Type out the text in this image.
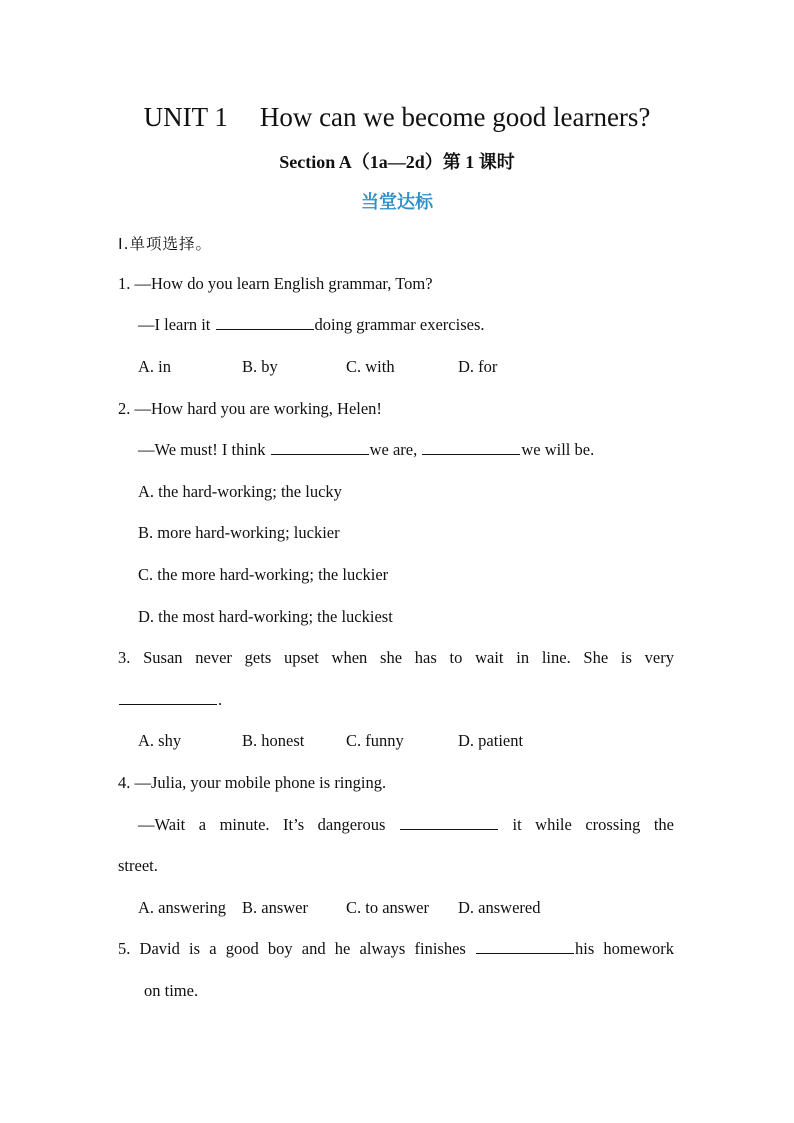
UNIT 1 How can we become good learners?
Section A（1a—2d）第 1 课时
当堂达标
Ⅰ.单项选择。
1. —How do you learn English grammar, Tom?
—I learn it	doing grammar exercises.
A. in	B. by	C. with	D. for
2. —How hard you are working, Helen!
—We must! I think	we are,	we will be.
A. the hard-working; the lucky
B. more hard-working; luckier
C. the more hard-working; the luckier
D. the most hard-working; the luckiest
3. Susan never gets upset when she has to wait in line. She is very
.
A. shy	B. honest	C. funny	D. patient
4. —Julia, your mobile phone is ringing.
—Wait a minute. It’s dangerous	it while crossing the
street.
A. answering B. answer C. to answer D. answered
5. David is a good boy and he always finishes	his homework
on time.
